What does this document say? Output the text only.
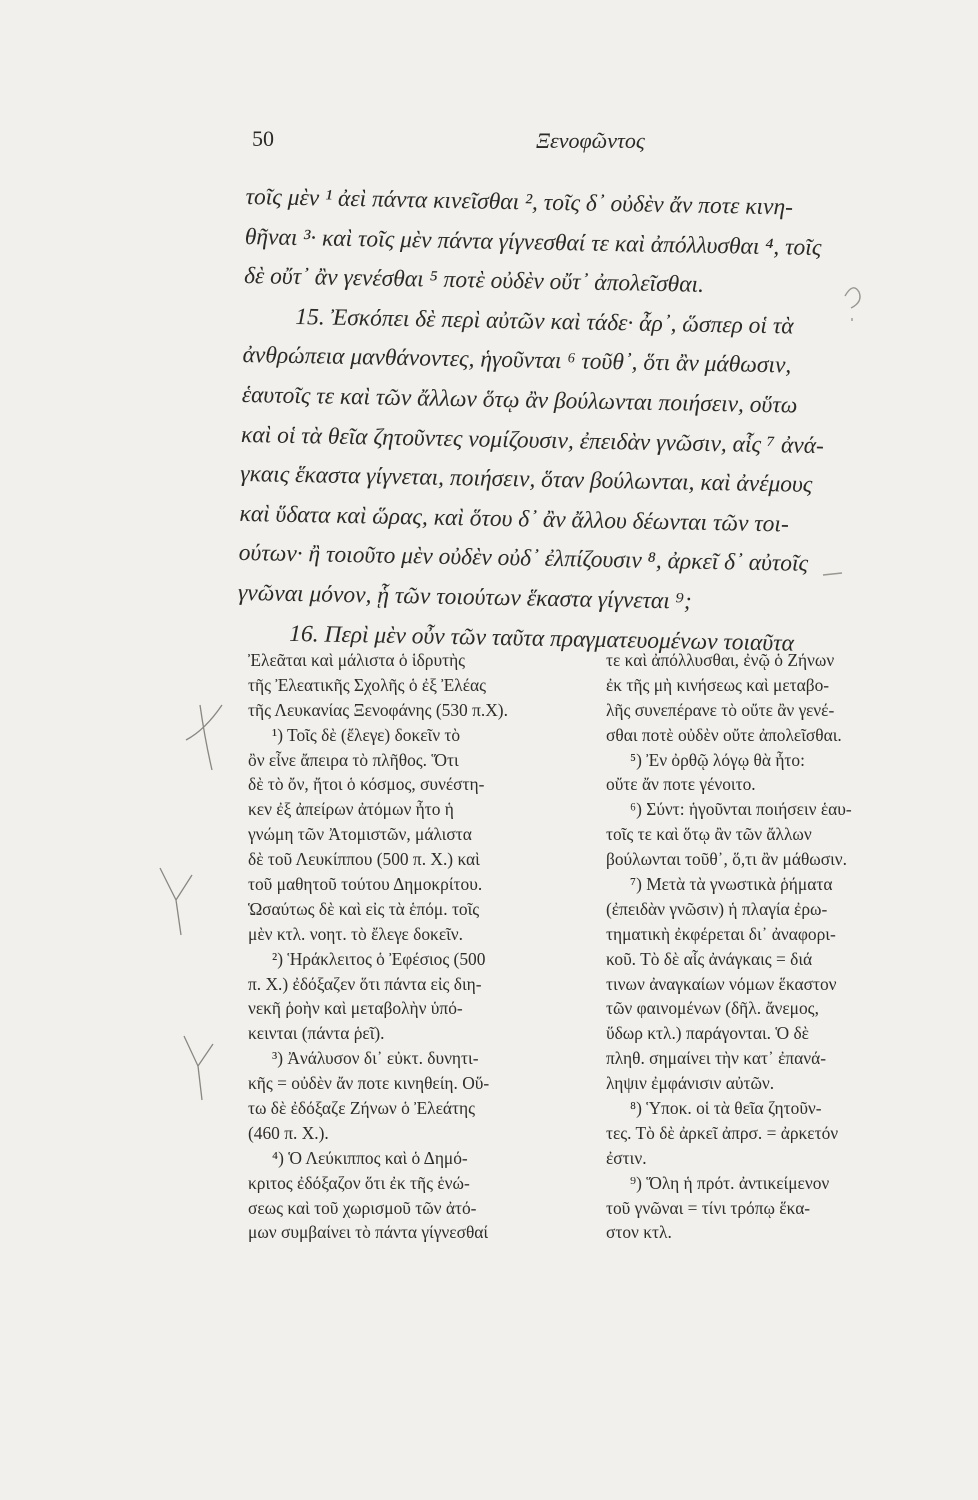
50	Ξενοφῶντος
τοῖς μὲν ¹ ἀεὶ πάντα κινεῖσθαι ², τοῖς δ᾽ οὐδὲν ἄν ποτε κινη-
θῆναι ³· καὶ τοῖς μὲν πάντα γίγνεσθαί τε καὶ ἀπόλλυσθαι ⁴, τοῖς
δὲ οὔτ᾽ ἂν γενέσθαι ⁵ ποτὲ οὐδὲν οὔτ᾽ ἀπολεῖσθαι.
15. Ἐσκόπει δὲ περὶ αὐτῶν καὶ τάδε· ἆρ᾽, ὥσπερ οἱ τὰ
ἀνθρώπεια μανθάνοντες, ἡγοῦνται ⁶ τοῦθ᾽, ὅτι ἂν μάθωσιν,
ἑαυτοῖς τε καὶ τῶν ἄλλων ὅτῳ ἂν βούλωνται ποιήσειν, οὕτω
καὶ οἱ τὰ θεῖα ζητοῦντες νομίζουσιν, ἐπειδὰν γνῶσιν, αἷς ⁷ ἀνά-
γκαις ἕκαστα γίγνεται, ποιήσειν, ὅταν βούλωνται, καὶ ἀνέμους
καὶ ὕδατα καὶ ὥρας, καὶ ὅτου δ᾽ ἂν ἄλλου δέωνται τῶν τοι-
ούτων· ἢ τοιοῦτο μὲν οὐδὲν οὐδ᾽ ἐλπίζουσιν ⁸, ἀρκεῖ δ᾽ αὐτοῖς
γνῶναι μόνον, ᾗ τῶν τοιούτων ἕκαστα γίγνεται ⁹;
16. Περὶ μὲν οὖν τῶν ταῦτα πραγματευομένων τοιαῦτα
Ἐλεᾶται καὶ μάλιστα ὁ ἱδρυτὴς
τῆς Ἐλεατικῆς Σχολῆς ὁ ἐξ Ἐλέας
τῆς Λευκανίας Ξενοφάνης (530 π.Χ).
¹) Τοῖς δὲ (ἔλεγε) δοκεῖν τὸ
ὂν εἶνε ἄπειρα τὸ πλῆθος. Ὅτι
δὲ τὸ ὄν, ἤτοι ὁ κόσμος, συνέστη-
κεν ἐξ ἀπείρων ἀτόμων ἦτο ἡ
γνώμη τῶν Ἀτομιστῶν, μάλιστα
δὲ τοῦ Λευκίππου (500 π. Χ.) καὶ
τοῦ μαθητοῦ τούτου Δημοκρίτου.
Ὡσαύτως δὲ καὶ εἰς τὰ ἑπόμ. τοῖς
μὲν κτλ. νοητ. τὸ ἔλεγε δοκεῖν.
²) Ἡράκλειτος ὁ Ἐφέσιος (500
π. Χ.) ἐδόξαζεν ὅτι πάντα εἰς διη-
νεκῆ ῥοὴν καὶ μεταβολὴν ὑπό-
κεινται (πάντα ῥεῖ).
³) Ἀνάλυσον δι᾽ εὐκτ. δυνητι-
κῆς = οὐδὲν ἄν ποτε κινηθείη. Οὕ-
τω δὲ ἐδόξαζε Ζήνων ὁ Ἐλεάτης
(460 π. Χ.).
⁴) Ὁ Λεύκιππος καὶ ὁ Δημό-
κριτος ἐδόξαζον ὅτι ἐκ τῆς ἑνώ-
σεως καὶ τοῦ χωρισμοῦ τῶν ἀτό-
μων συμβαίνει τὸ πάντα γίγνεσθαί
τε καὶ ἀπόλλυσθαι, ἐνῷ ὁ Ζήνων
ἐκ τῆς μὴ κινήσεως καὶ μεταβο-
λῆς συνεπέρανε τὸ οὔτε ἂν γενέ-
σθαι ποτὲ οὐδὲν οὔτε ἀπολεῖσθαι.
⁵) Ἐν ὀρθῷ λόγῳ θὰ ἦτο:
οὔτε ἄν ποτε γένοιτο.
⁶) Σύντ: ἡγοῦνται ποιήσειν ἑαυ-
τοῖς τε καὶ ὅτῳ ἂν τῶν ἄλλων
βούλωνται τοῦθ᾽, ὅ,τι ἂν μάθωσιν.
⁷) Μετὰ τὰ γνωστικὰ ῥήματα
(ἐπειδὰν γνῶσιν) ἡ πλαγία ἐρω-
τηματικὴ ἐκφέρεται δι᾽ ἀναφορι-
κοῦ. Τὸ δὲ αἷς ἀνάγκαις = διά
τινων ἀναγκαίων νόμων ἕκαστον
τῶν φαινομένων (δῆλ. ἄνεμος,
ὕδωρ κτλ.) παράγονται. Ὁ δὲ
πληθ. σημαίνει τὴν κατ᾽ ἐπανά-
ληψιν ἐμφάνισιν αὐτῶν.
⁸) Ὑποκ. οἱ τὰ θεῖα ζητοῦν-
τες. Τὸ δὲ ἀρκεῖ ἀπρσ. = ἀρκετόν
ἐστιν.
⁹) Ὅλη ἡ πρότ. ἀντικείμενον
τοῦ γνῶναι = τίνι τρόπῳ ἕκα-
στον κτλ.
